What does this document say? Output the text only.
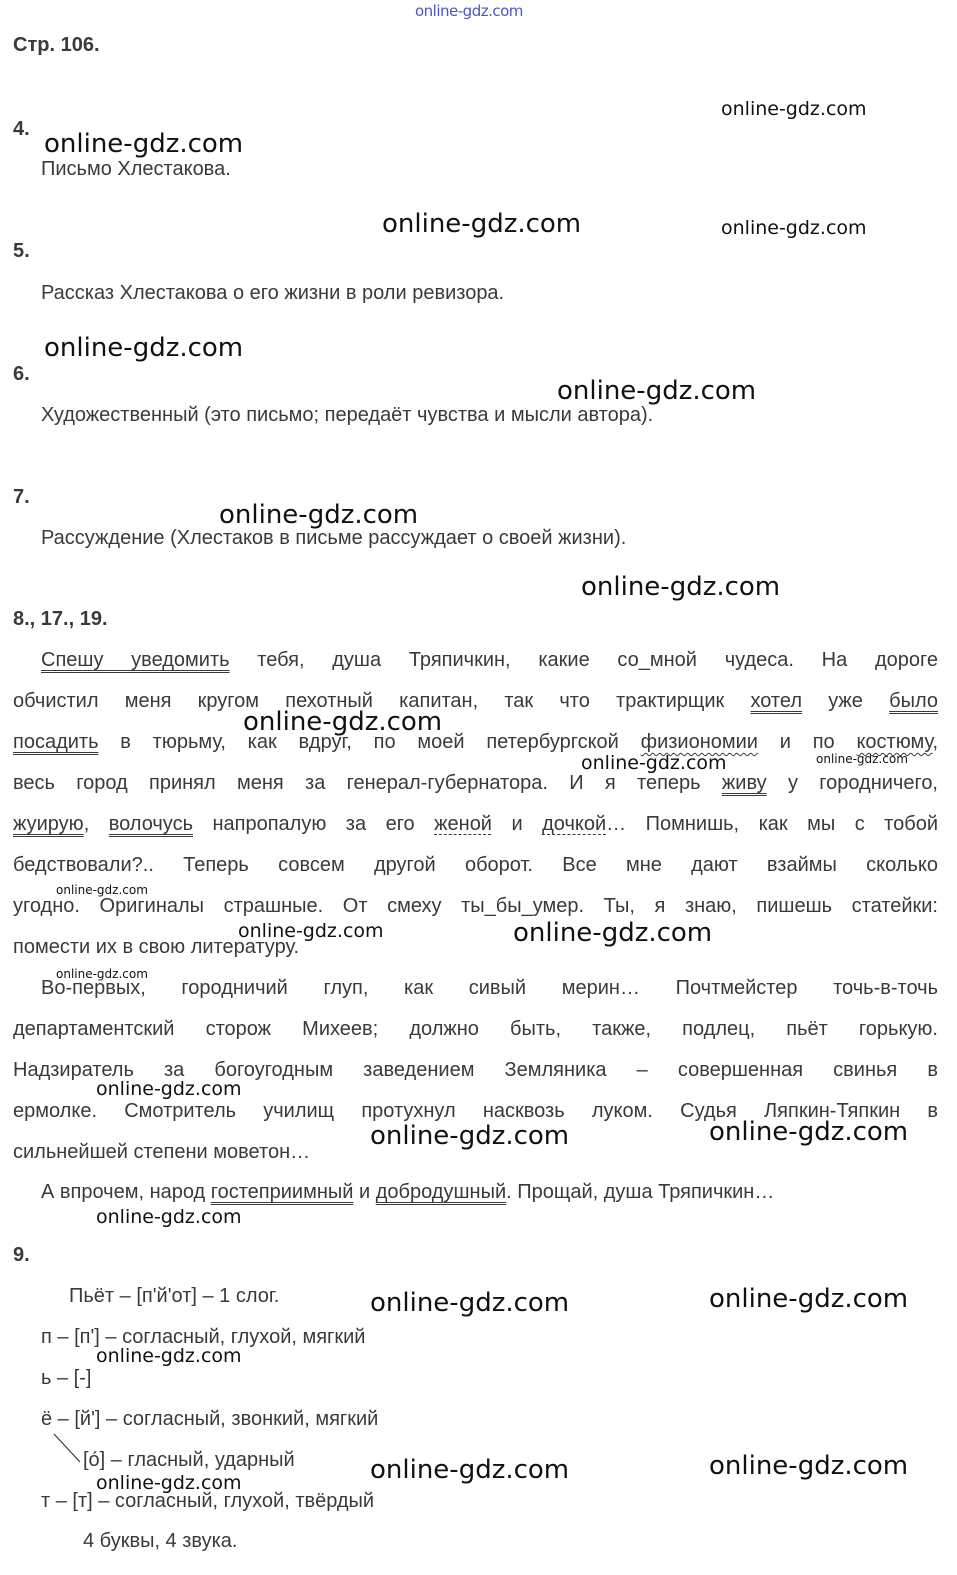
online-gdz.com
Стр. 106.
4.
Письмо Хлестакова.
5.
Рассказ Хлестакова о его жизни в роли ревизора.
6.
Художественный (это письмо; передаёт чувства и мысли автора).
7.
Рассуждение (Хлестаков в письме рассуждает о своей жизни).
8., 17., 19.
Спешу уведомить тебя, душа Тряпичкин, какие со_мной чудеса. На дороге
обчистил меня кругом пехотный капитан, так что трактирщик хотел уже было
посадить в тюрьму, как вдруг, по моей петербургской физиономии и по костюму,
весь город принял меня за генерал-губернатора. И я теперь живу у городничего,
жуирую, волочусь напропалую за его женой и дочкой… Помнишь, как мы с тобой
бедствовали?.. Теперь совсем другой оборот. Все мне дают взаймы сколько
угодно. Оригиналы страшные. От смеху ты_бы_умер. Ты, я знаю, пишешь статейки:
помести их в свою литературу.
Во-первых, городничий глуп, как сивый мерин… Почтмейстер точь-в-точь
департаментский сторож Михеев; должно быть, также, подлец, пьёт горькую.
Надзиратель за богоугодным заведением Земляника – совершенная свинья в
ермолке. Смотритель училищ протухнул насквозь луком. Судья Ляпкин-Тяпкин в
сильнейшей степени моветон…
А впрочем, народ гостеприимный и добродушный. Прощай, душа Тряпичкин…
9.
Пьёт – [п'й'от] – 1 слог.
п – [п'] – согласный, глухой, мягкий
ь – [-]
ё – [й'] – согласный, звонкий, мягкий
[о́] – гласный, ударный
т – [т] – согласный, глухой, твёрдый
4 буквы, 4 звука.
online-gdz.com
online-gdz.com
online-gdz.com	online-gdz.com
online-gdz.com
online-gdz.com
online-gdz.com
online-gdz.com
online-gdz.com
online-gdz.com	online-gdz.com
online-gdz.com
online-gdz.com	online-gdz.com
online-gdz.com
online-gdz.com
online-gdz.com	online-gdz.com
online-gdz.com
online-gdz.com	online-gdz.com
online-gdz.com
online-gdz.com	online-gdz.com
online-gdz.com
